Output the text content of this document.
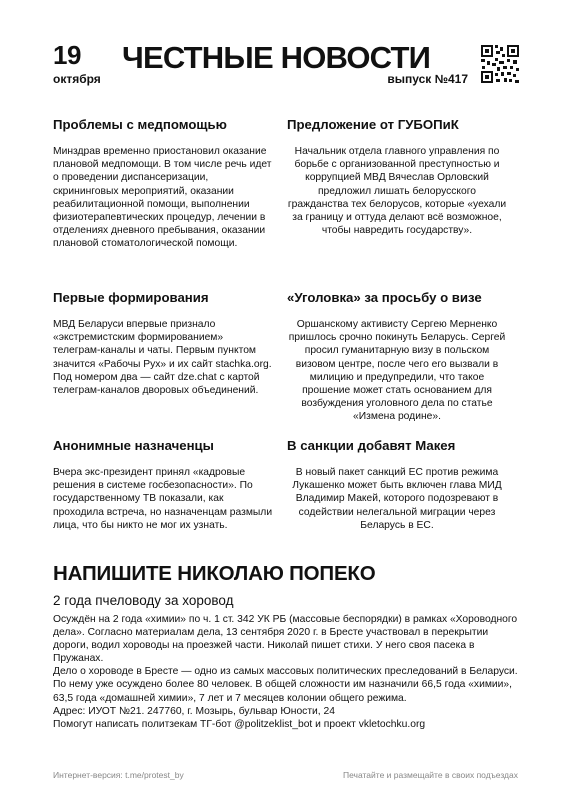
19
октября
ЧЕСТНЫЕ НОВОСТИ
выпуск №417
Проблемы с медпомощью

Минздрав временно приостановил оказание плановой медпомощи. В том числе речь идет о проведении диспансеризации, скрининговых мероприятий, оказании реабилитационной помощи, выполнении физиотерапевтических процедур, лечении в отделениях дневного пребывания, оказании плановой стоматологической помощи.

Предложение от ГУБОПиК

Начальник отдела главного управления по борьбе с организованной преступностью и коррупцией МВД Вячеслав Орловский предложил лишать белорусского гражданства тех белорусов, которые «уехали за границу и оттуда делают всё возможное, чтобы навредить государству».

Первые формирования

МВД Беларуси впервые признало «экстремистским формированием» телеграм-каналы и чаты. Первым пунктом значится «Рабочы Рух» и их сайт stachka.org. Под номером два — сайт dze.chat с картой телеграм-каналов дворовых объединений.

«Уголовка» за просьбу о визе

Оршанскому активисту Сергею Мерненко пришлось срочно покинуть Беларусь. Сергей просил гуманитарную визу в польском визовом центре, после чего его вызвали в милицию и предупредили, что такое прошение может стать основанием для возбуждения уголовного дела по статье «Измена родине».

Анонимные назначенцы

Вчера экс-президент принял «кадровые решения в системе госбезопасности». По государственному ТВ показали, как проходила встреча, но назначенцам размыли лица, что бы никто не мог их узнать.

В санкции добавят Макея

В новый пакет санкций ЕС против режима Лукашенко может быть включен глава МИД Владимир Макей, которого подозревают в содействии нелегальной миграции через Беларусь в ЕС.

НАПИШИТЕ НИКОЛАЮ ПОПЕКО
2 года пчеловоду за хоровод

Осуждён на 2 года «химии» по ч. 1 ст. 342 УК РБ (массовые беспорядки) в рамках «Хороводного дела». Согласно материалам дела, 13 сентября 2020 г. в Бресте участвовал в перекрытии дороги, водил хороводы на проезжей части. Николай пишет стихи. У него своя пасека в Пружанах.

Дело о хороводе в Бресте — одно из самых массовых политических преследований в Беларуси. По нему уже осуждено более 80 человек. В общей сложности им назначили 66,5 года «химии», 63,5 года «домашней химии», 7 лет и 7 месяцев колонии общего режима.

Адрес: ИУОТ №21. 247760, г. Мозырь, бульвар Юности, 24

Помогут написать политзекам ТГ-бот @politzeklist_bot и проект vkletochku.org

Интернет-версия: t.me/protest_by	Печатайте и размещайте в своих подъездах
